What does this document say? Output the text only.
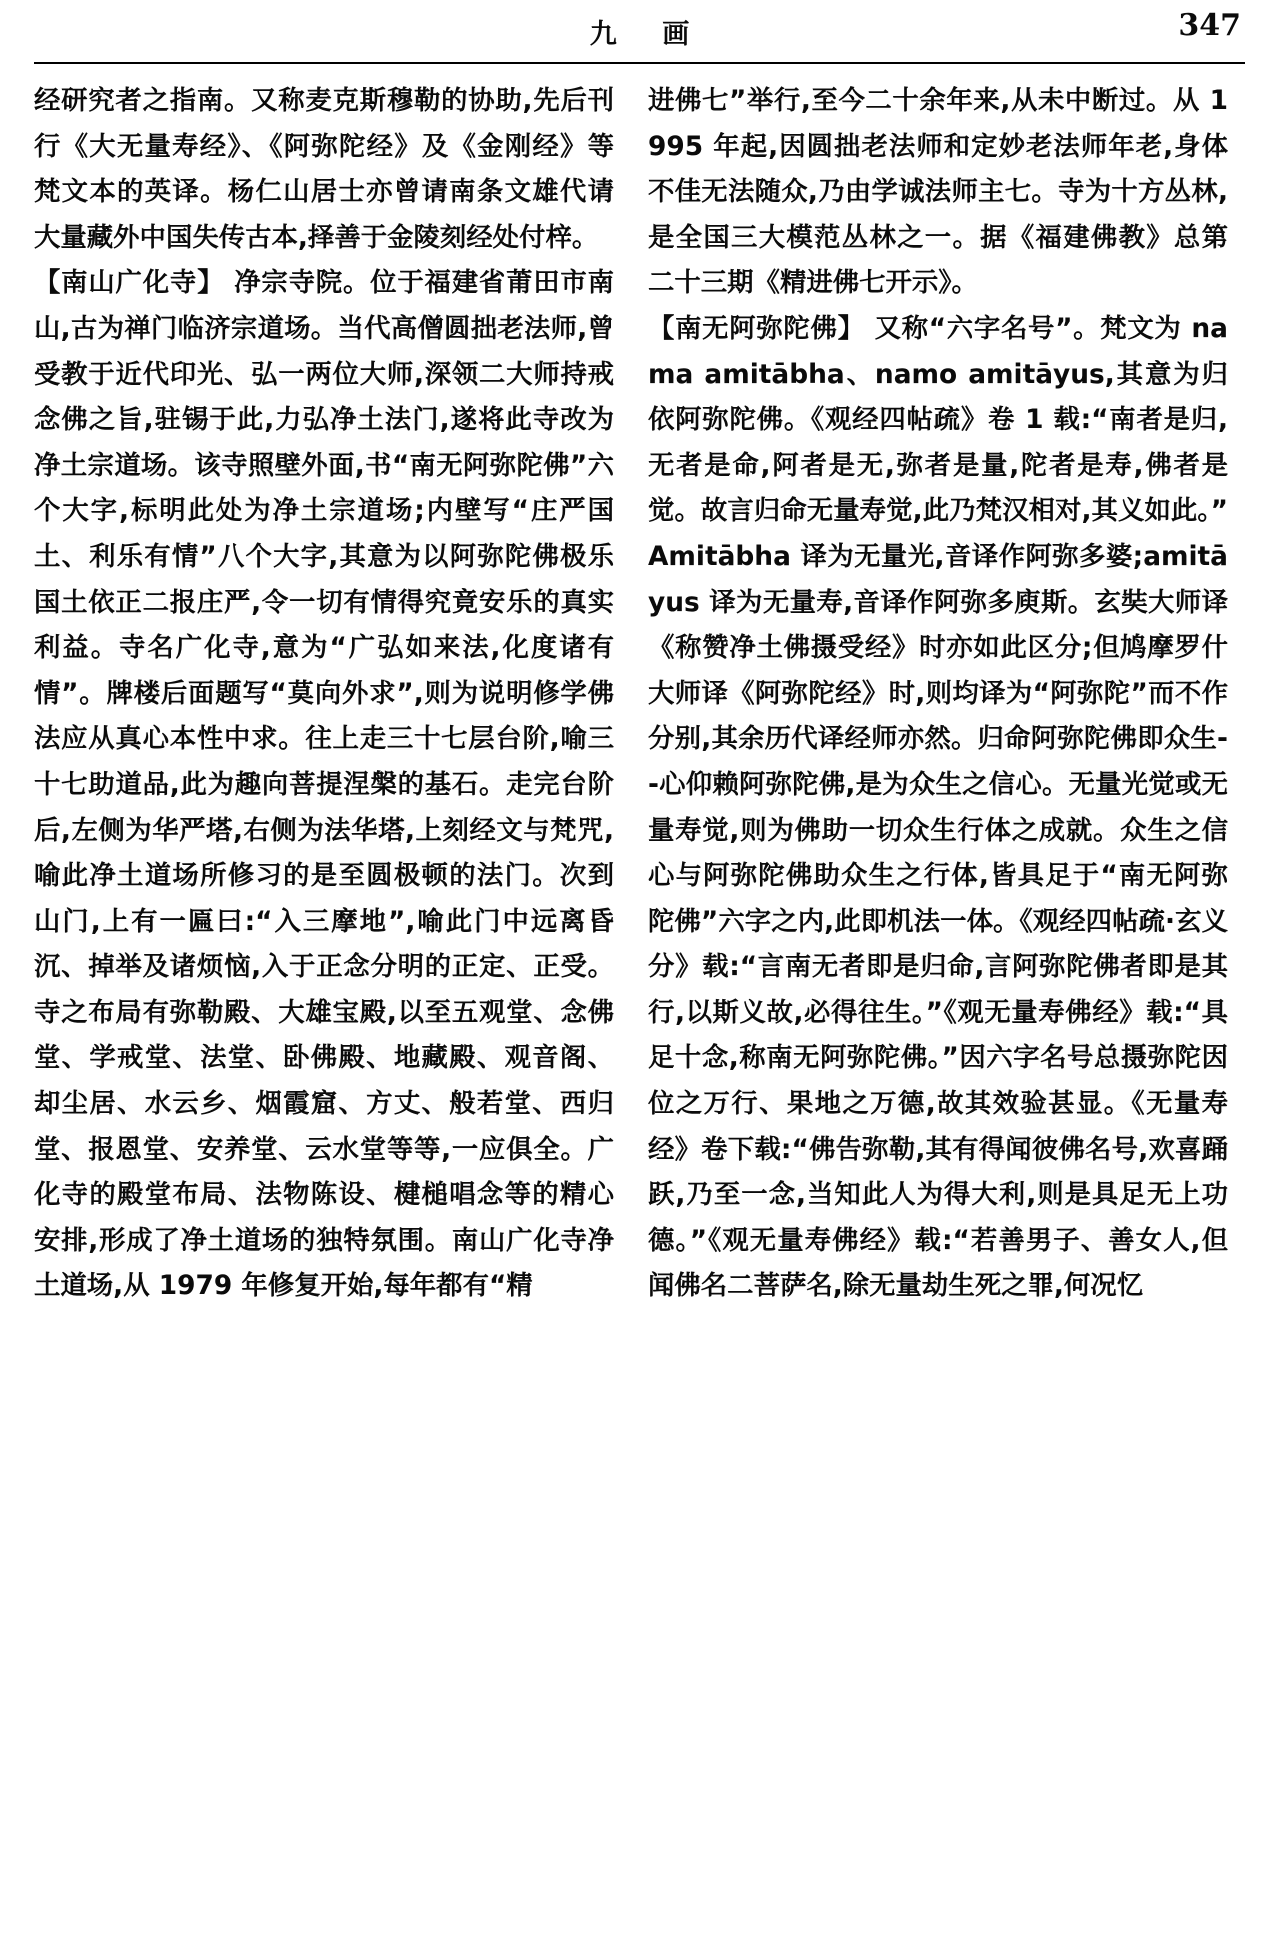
九 画	347

经研究者之指南。又称麦克斯穆勒的协助,先后刊行《大无量寿经》、《阿弥陀经》及《金刚经》等梵文本的英译。杨仁山居士亦曾请南条文雄代请大量藏外中国失传古本,择善于金陵刻经处付梓。

【南山广化寺】 净宗寺院。位于福建省莆田市南山,古为禅门临济宗道场。当代高僧圆拙老法师,曾受教于近代印光、弘一两位大师,深领二大师持戒念佛之旨,驻锡于此,力弘净土法门,遂将此寺改为净土宗道场。该寺照壁外面,书“南无阿弥陀佛”六个大字,标明此处为净土宗道场;内壁写“庄严国土、利乐有情”八个大字,其意为以阿弥陀佛极乐国土依正二报庄严,令一切有情得究竟安乐的真实利益。寺名广化寺,意为“广弘如来法,化度诸有情”。牌楼后面题写“莫向外求”,则为说明修学佛法应从真心本性中求。往上走三十七层台阶,喻三十七助道品,此为趣向菩提涅槃的基石。走完台阶后,左侧为华严塔,右侧为法华塔,上刻经文与梵咒,喻此净土道场所修习的是至圆极顿的法门。次到山门,上有一匾曰:“入三摩地”,喻此门中远离昏沉、掉举及诸烦恼,入于正念分明的正定、正受。寺之布局有弥勒殿、大雄宝殿,以至五观堂、念佛堂、学戒堂、法堂、卧佛殿、地藏殿、观音阁、却尘居、水云乡、烟霞窟、方丈、般若堂、西归堂、报恩堂、安养堂、云水堂等等,一应俱全。广化寺的殿堂布局、法物陈设、楗槌唱念等的精心安排,形成了净土道场的独特氛围。南山广化寺净土道场,从 1979 年修复开始,每年都有“精

进佛七”举行,至今二十余年来,从未中断过。从 1995 年起,因圆拙老法师和定妙老法师年老,身体不佳无法随众,乃由学诚法师主七。寺为十方丛林,是全国三大模范丛林之一。据《福建佛教》总第二十三期《精进佛七开示》。

【南无阿弥陀佛】 又称“六字名号”。梵文为 nama amitābha、namo amitāyus,其意为归依阿弥陀佛。《观经四帖疏》卷 1 载:“南者是归,无者是命,阿者是无,弥者是量,陀者是寿,佛者是觉。故言归命无量寿觉,此乃梵汉相对,其义如此。” Amitābha 译为无量光,音译作阿弥多婆;amitāyus 译为无量寿,音译作阿弥多庾斯。玄奘大师译《称赞净土佛摄受经》时亦如此区分;但鸠摩罗什大师译《阿弥陀经》时,则均译为“阿弥陀”而不作分别,其余历代译经师亦然。归命阿弥陀佛即众生--心仰赖阿弥陀佛,是为众生之信心。无量光觉或无量寿觉,则为佛助一切众生行体之成就。众生之信心与阿弥陀佛助众生之行体,皆具足于“南无阿弥陀佛”六字之内,此即机法一体。《观经四帖疏·玄义分》载:“言南无者即是归命,言阿弥陀佛者即是其行,以斯义故,必得往生。”《观无量寿佛经》载:“具足十念,称南无阿弥陀佛。”因六字名号总摄弥陀因位之万行、果地之万德,故其效验甚显。《无量寿经》卷下载:“佛告弥勒,其有得闻彼佛名号,欢喜踊跃,乃至一念,当知此人为得大利,则是具足无上功德。”《观无量寿佛经》载:“若善男子、善女人,但闻佛名二菩萨名,除无量劫生死之罪,何况忆
